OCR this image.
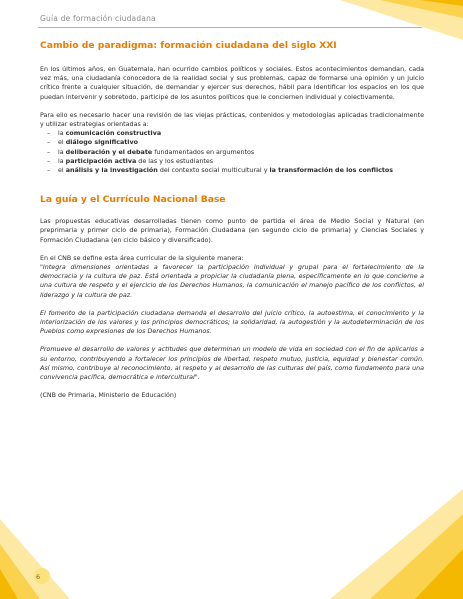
Guía de formación ciudadana
Cambio de paradigma: formación ciudadana del siglo XXI

En los últimos años, en Guatemala, han ocurrido cambios políticos y sociales. Estos acontecimientos demandan, cada vez más, una ciudadanía conocedora de la realidad social y sus problemas, capaz de formarse una opinión y un juicio crítico frente a cualquier situación, de demandar y ejercer sus derechos, hábil para identificar los espacios en los que puedan intervenir y sobretodo, participe de los asuntos políticos que le conciernen individual y colectivamente.

Para ello es necesario hacer una revisión de las viejas prácticas, contenidos y metodologías aplicadas tradicionalmente y utilizar estrategias orientadas a:

– la comunicación constructiva
– el diálogo significativo
– la deliberación y el debate fundamentados en argumentos
– la participación activa de las y los estudiantes
– el análisis y la investigación del contexto social multicultural y la transformación de los conflictos
La guía y el Currículo Nacional Base

Las propuestas educativas desarrolladas tienen como punto de partida el área de Medio Social y Natural (en preprimaria y primer ciclo de primaria), Formación Ciudadana (en segundo ciclo de primaria) y Ciencias Sociales y Formación Ciudadana (en ciclo básico y diversificado).

En el CNB se define esta área curricular de la siguiente manera:

"Integra dimensiones orientadas a favorecer la participación individual y grupal para el fortalecimiento de la democracia y la cultura de paz. Está orientada a propiciar la ciudadanía plena, específicamente en lo que concierne a una cultura de respeto y el ejercicio de los Derechos Humanos, la comunicación el manejo pacífico de los conflictos, el liderazgo y la cultura de paz.

El fomento de la participación ciudadana demanda el desarrollo del juicio crítico, la autoestima, el conocimiento y la interiorización de los valores y los principios democráticos; la solidaridad, la autogestión y la autodeterminación de los Pueblos como expresiones de los Derechos Humanos.

Promueve el desarrollo de valores y actitudes que determinan un modelo de vida en sociedad con el fin de aplicarlos a su entorno, contribuyendo a fortalecer los principios de libertad, respeto mutuo, justicia, equidad y bienestar común. Así mismo, contribuye al reconocimiento, al respeto y al desarrollo de las culturas del país, como fundamento para una convivencia pacífica, democrática e intercultural".

(CNB de Primaria, Ministerio de Educación)

6
